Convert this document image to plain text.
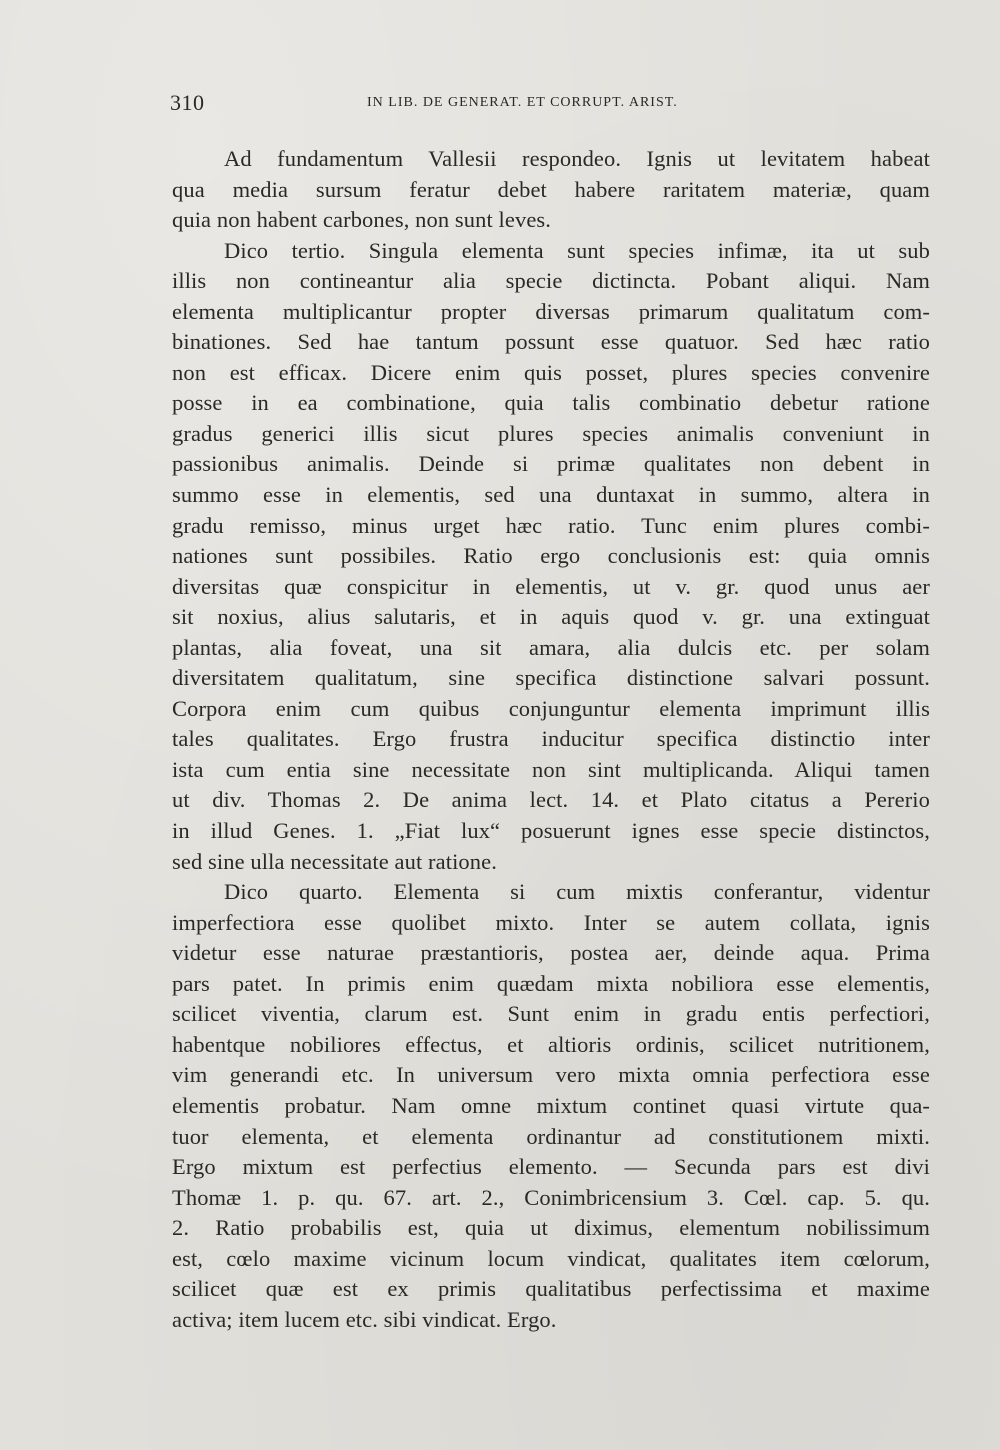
310	IN LIB. DE GENERAT. ET CORRUPT. ARIST.
Ad fundamentum Vallesii respondeo. Ignis ut levitatem habeat
qua media sursum feratur debet habere raritatem materiæ, quam
quia non habent carbones, non sunt leves.
Dico tertio. Singula elementa sunt species infimæ, ita ut sub
illis non contineantur alia specie dictincta. Pobant aliqui. Nam
elementa multiplicantur propter diversas primarum qualitatum com-
binationes. Sed hae tantum possunt esse quatuor. Sed hæc ratio
non est efficax. Dicere enim quis posset, plures species convenire
posse in ea combinatione, quia talis combinatio debetur ratione
gradus generici illis sicut plures species animalis conveniunt in
passionibus animalis. Deinde si primæ qualitates non debent in
summo esse in elementis, sed una duntaxat in summo, altera in
gradu remisso, minus urget hæc ratio. Tunc enim plures combi-
nationes sunt possibiles. Ratio ergo conclusionis est: quia omnis
diversitas quæ conspicitur in elementis, ut v. gr. quod unus aer
sit noxius, alius salutaris, et in aquis quod v. gr. una extinguat
plantas, alia foveat, una sit amara, alia dulcis etc. per solam
diversitatem qualitatum, sine specifica distinctione salvari possunt.
Corpora enim cum quibus conjunguntur elementa imprimunt illis
tales qualitates. Ergo frustra inducitur specifica distinctio inter
ista cum entia sine necessitate non sint multiplicanda. Aliqui tamen
ut div. Thomas 2. De anima lect. 14. et Plato citatus a Pererio
in illud Genes. 1. „Fiat lux“ posuerunt ignes esse specie distinctos,
sed sine ulla necessitate aut ratione.
Dico quarto. Elementa si cum mixtis conferantur, videntur
imperfectiora esse quolibet mixto. Inter se autem collata, ignis
videtur esse naturae præstantioris, postea aer, deinde aqua. Prima
pars patet. In primis enim quædam mixta nobiliora esse elementis,
scilicet viventia, clarum est. Sunt enim in gradu entis perfectiori,
habentque nobiliores effectus, et altioris ordinis, scilicet nutritionem,
vim generandi etc. In universum vero mixta omnia perfectiora esse
elementis probatur. Nam omne mixtum continet quasi virtute qua-
tuor elementa, et elementa ordinantur ad constitutionem mixti.
Ergo mixtum est perfectius elemento. — Secunda pars est divi
Thomæ 1. p. qu. 67. art. 2., Conimbricensium 3. Cœl. cap. 5. qu.
2. Ratio probabilis est, quia ut diximus, elementum nobilissimum
est, cœlo maxime vicinum locum vindicat, qualitates item cœlorum,
scilicet quæ est ex primis qualitatibus perfectissima et maxime
activa; item lucem etc. sibi vindicat. Ergo.
